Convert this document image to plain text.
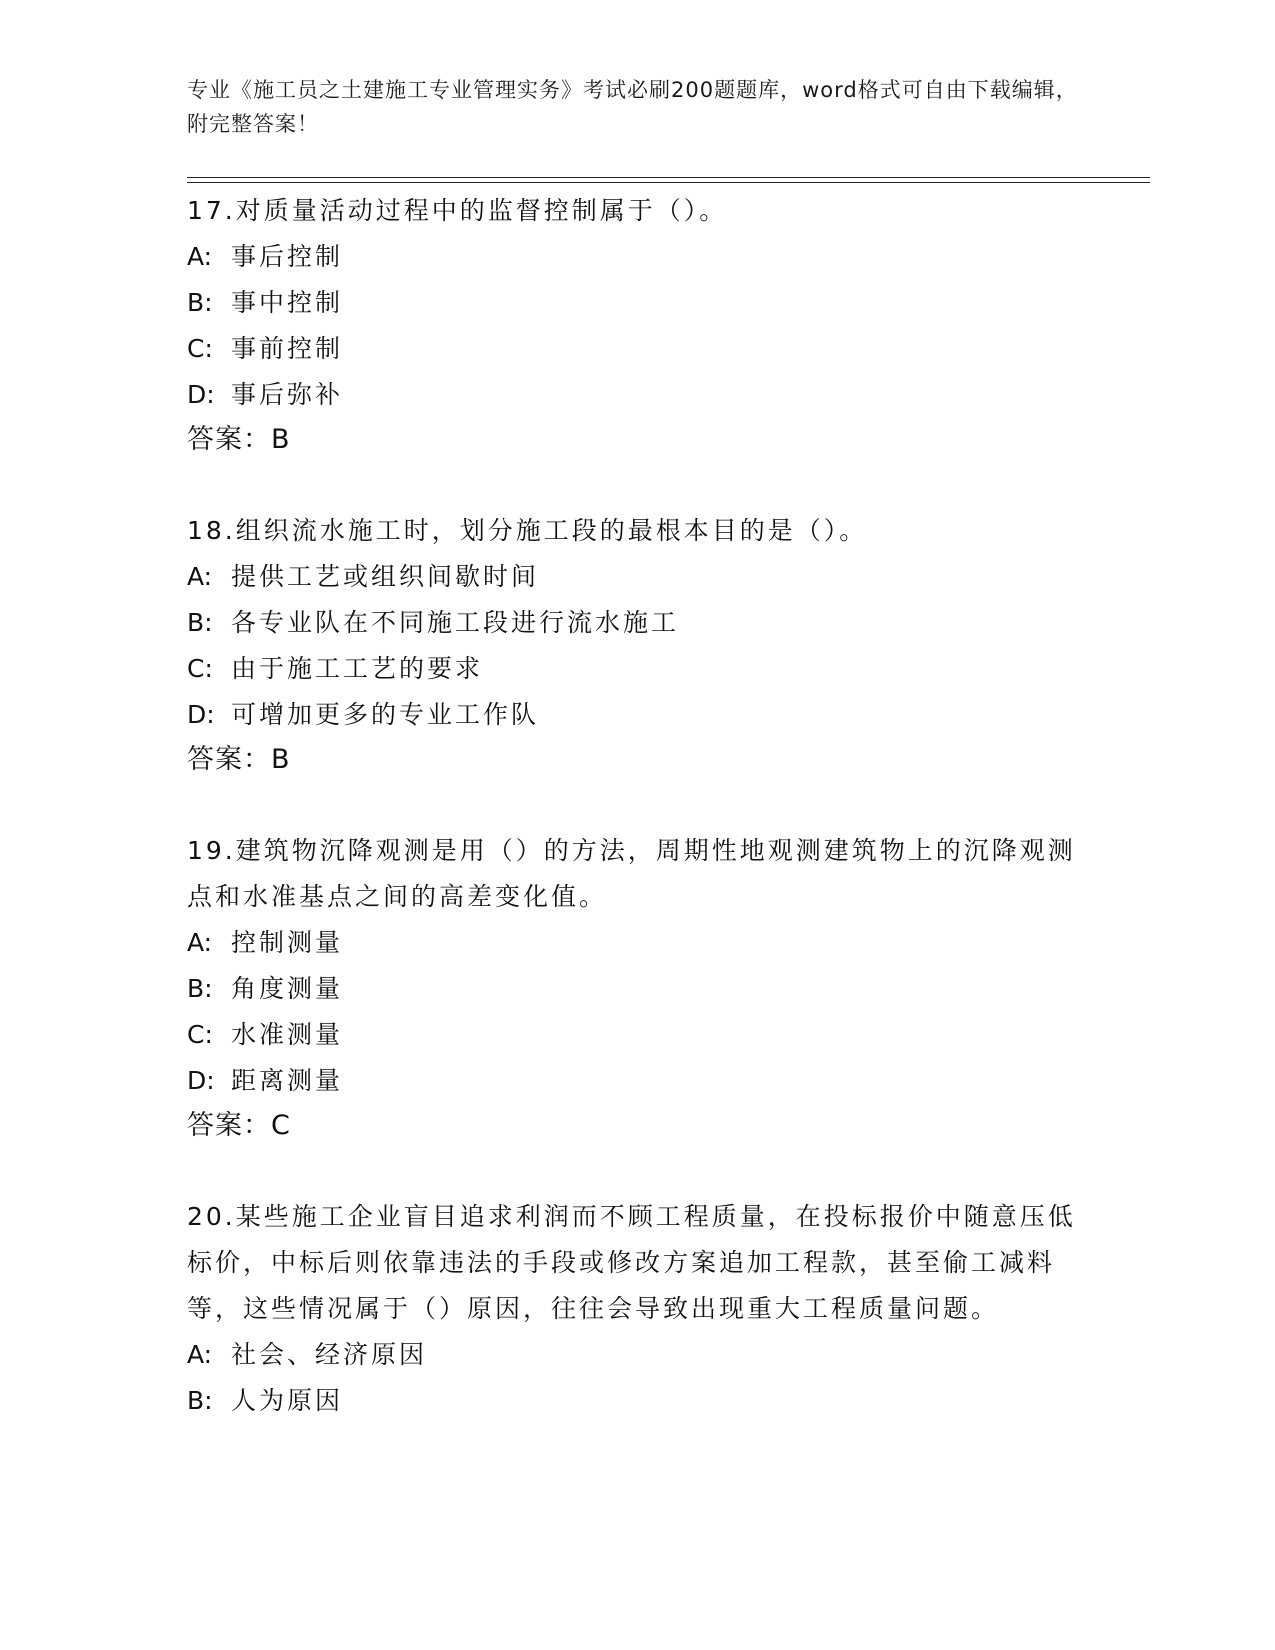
专业《施工员之土建施工专业管理实务》考试必刷200题题库，word格式可自由下载编辑，附完整答案！

17.对质量活动过程中的监督控制属于（）。

A: 事后控制
B: 事中控制
C: 事前控制
D: 事后弥补
答案：B

18.组织流水施工时，划分施工段的最根本目的是（）。

A: 提供工艺或组织间歇时间
B: 各专业队在不同施工段进行流水施工
C: 由于施工工艺的要求
D: 可增加更多的专业工作队
答案：B

19.建筑物沉降观测是用（）的方法，周期性地观测建筑物上的沉降观测点和水准基点之间的高差变化值。

A: 控制测量
B: 角度测量
C: 水准测量
D: 距离测量
答案：C

20.某些施工企业盲目追求利润而不顾工程质量，在投标报价中随意压低标价，中标后则依靠违法的手段或修改方案追加工程款，甚至偷工减料等，这些情况属于（）原因，往往会导致出现重大工程质量问题。

A: 社会、经济原因
B: 人为原因
